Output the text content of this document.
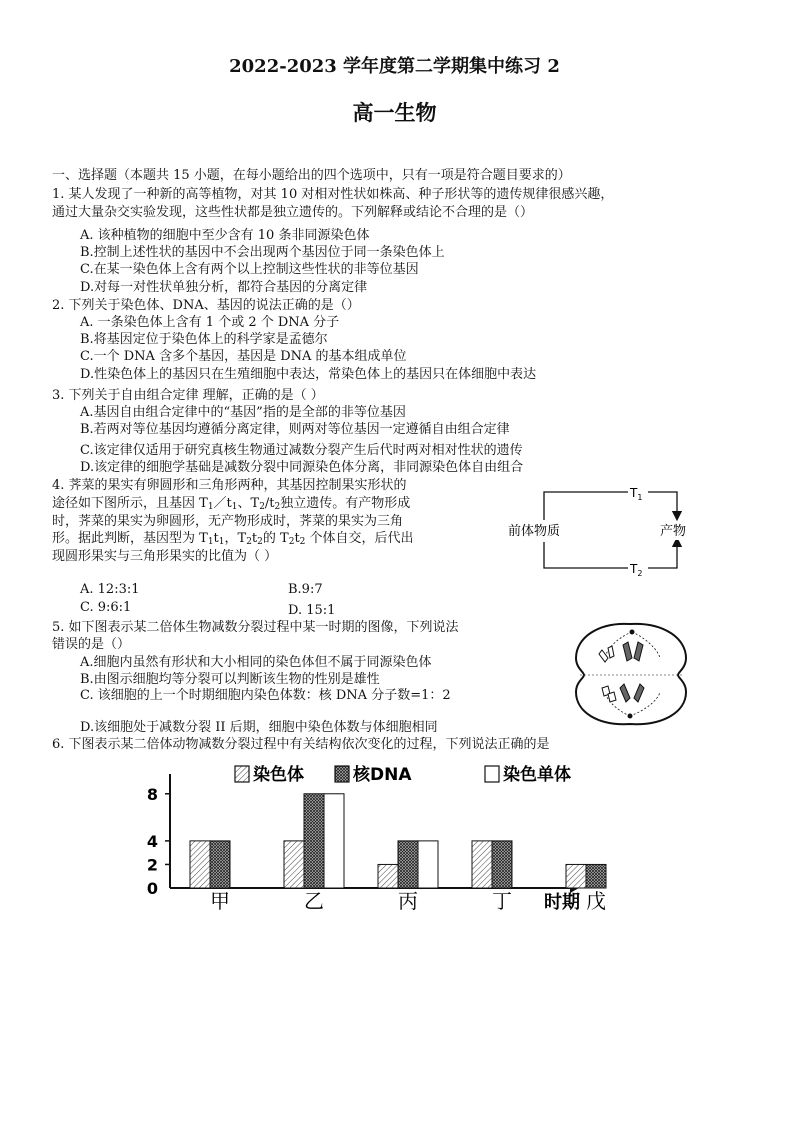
2022-2023 学年度第二学期集中练习 2
高一生物
一、选择题（本题共 15 小题，在每小题给出的四个选项中，只有一项是符合题目要求的）
1. 某人发现了一种新的高等植物，对其 10 对相对性状如株高、种子形状等的遗传规律很感兴趣，
通过大量杂交实验发现，这些性状都是独立遗传的。下列解释或结论不合理的是（）
A. 该种植物的细胞中至少含有 10 条非同源染色体
B.控制上述性状的基因中不会出现两个基因位于同一条染色体上
C.在某一染色体上含有两个以上控制这些性状的非等位基因
D.对每一对性状单独分析，都符合基因的分离定律
2. 下列关于染色体、DNA、基因的说法正确的是（）
A. 一条染色体上含有 1 个或 2 个 DNA 分子
B.将基因定位于染色体上的科学家是孟德尔
C.一个 DNA 含多个基因，基因是 DNA 的基本组成单位
D.性染色体上的基因只在生殖细胞中表达，常染色体上的基因只在体细胞中表达
3. 下列关于自由组合定律 理解，正确的是（ ）
A.基因自由组合定律中的“基因”指的是全部的非等位基因
B.若两对等位基因均遵循分离定律，则两对等位基因一定遵循自由组合定律
C.该定律仅适用于研究真核生物通过减数分裂产生后代时两对相对性状的遗传
D.该定律的细胞学基础是减数分裂中同源染色体分离，非同源染色体自由组合
4. 荠菜的果实有卵圆形和三角形两种，其基因控制果实形状的
途径如下图所示，且基因 $T_1/t_1$、$T_2/t_2$独立遗传。有产物形成
时，荠菜的果实为卵圆形，无产物形成时，荠菜的果实为三角
形。据此判断，基因型为 $T_1t_1$，$T_2t_2$的 $T_2t_2$ 个体自交，后代出
现圆形果实与三角形果实的比值为（ ）
A. 12:3:1	B.9:7
C. 9:6:1	D. 15:1
$T_1$
$T_2$
前体物质	产物
5. 如下图表示某二倍体生物减数分裂过程中某一时期的图像，下列说法
错误的是（）
A.细胞内虽然有形状和大小相同的染色体但不属于同源染色体
B.由图示细胞均等分裂可以判断该生物的性别是雄性
C. 该细胞的上一个时期细胞内染色体数：核 DNA 分子数=1：2
D.该细胞处于减数分裂 II 后期，细胞中染色体数与体细胞相同
6. 下图表示某二倍体动物减数分裂过程中有关结构依次变化的过程，下列说法正确的是
染色体	核DNA	染色单体
0
2
4
8
甲	乙	丙	丁	戊
时期
